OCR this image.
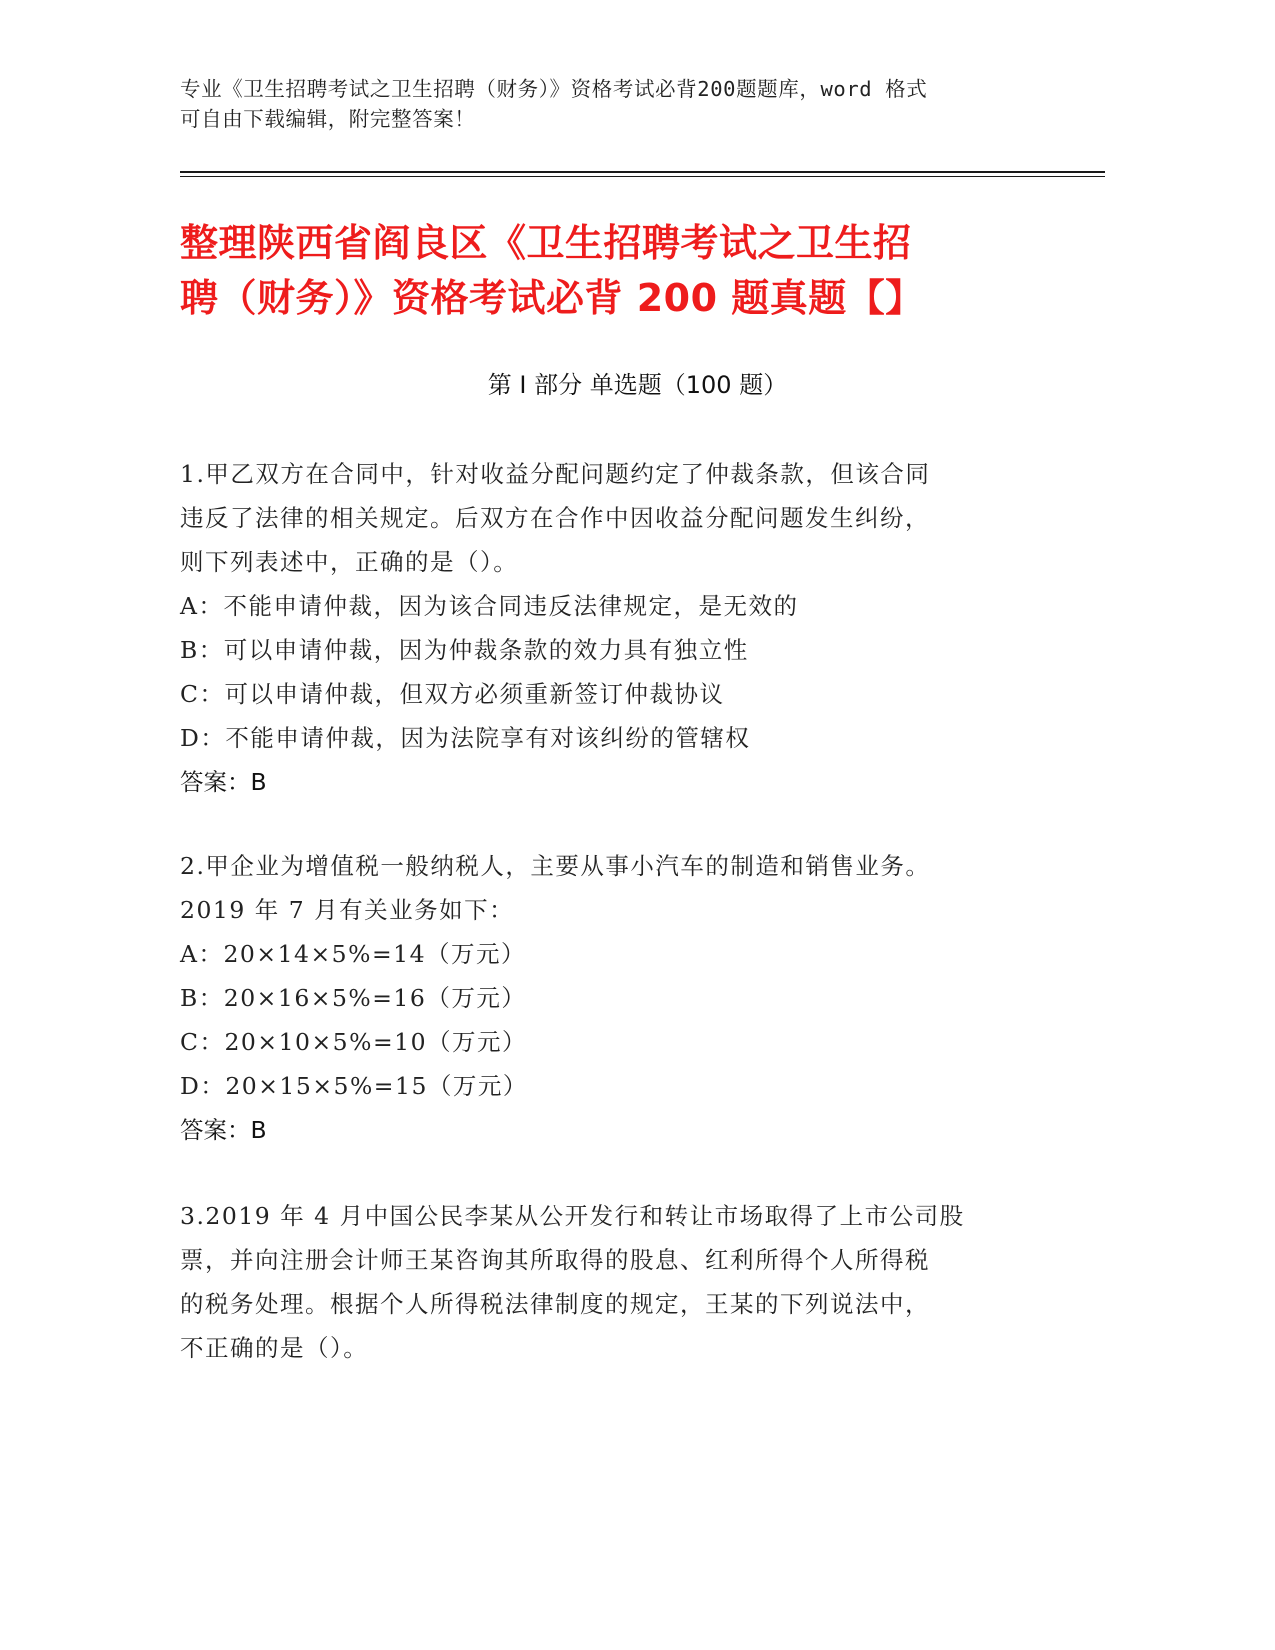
专业《卫生招聘考试之卫生招聘（财务）》资格考试必背200题题库，word 格式
可自由下载编辑，附完整答案！
整理陕西省阎良区《卫生招聘考试之卫生招
聘（财务）》资格考试必背 200 题真题【】
第 I 部分 单选题（100 题）
1.甲乙双方在合同中，针对收益分配问题约定了仲裁条款，但该合同
违反了法律的相关规定。后双方在合作中因收益分配问题发生纠纷，
则下列表述中，正确的是（）。
A：不能申请仲裁，因为该合同违反法律规定，是无效的
B：可以申请仲裁，因为仲裁条款的效力具有独立性
C：可以申请仲裁，但双方必须重新签订仲裁协议
D：不能申请仲裁，因为法院享有对该纠纷的管辖权
答案：B
2.甲企业为增值税一般纳税人，主要从事小汽车的制造和销售业务。
2019 年 7 月有关业务如下：
A：20×14×5%=14（万元）
B：20×16×5%=16（万元）
C：20×10×5%=10（万元）
D：20×15×5%=15（万元）
答案：B
3.2019 年 4 月中国公民李某从公开发行和转让市场取得了上市公司股
票，并向注册会计师王某咨询其所取得的股息、红利所得个人所得税
的税务处理。根据个人所得税法律制度的规定，王某的下列说法中，
不正确的是（）。
